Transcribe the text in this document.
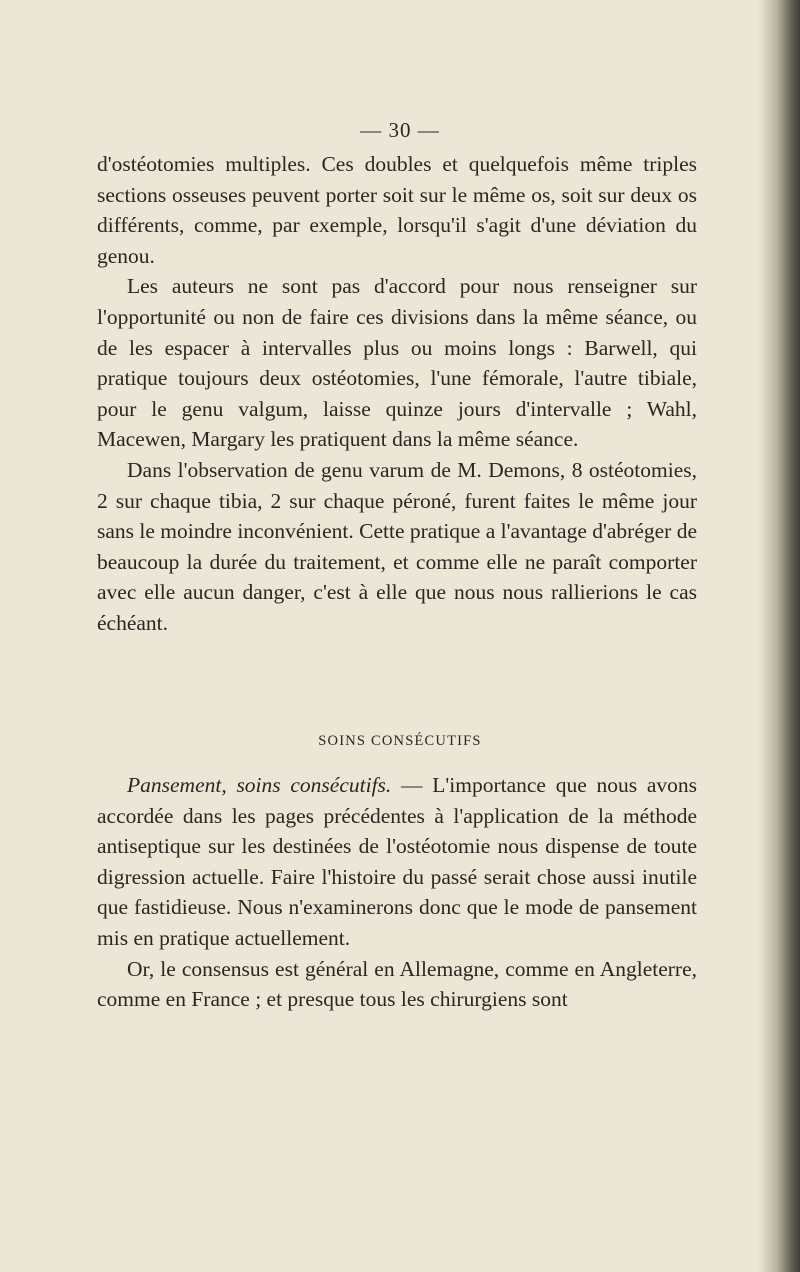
— 30 —

d'ostéotomies multiples. Ces doubles et quelquefois même triples sections osseuses peuvent porter soit sur le même os, soit sur deux os différents, comme, par exemple, lorsqu'il s'agit d'une déviation du genou.

Les auteurs ne sont pas d'accord pour nous renseigner sur l'opportunité ou non de faire ces divisions dans la même séance, ou de les espacer à intervalles plus ou moins longs : Barwell, qui pratique toujours deux ostéotomies, l'une fémorale, l'autre tibiale, pour le genu valgum, laisse quinze jours d'intervalle ; Wahl, Macewen, Margary les pratiquent dans la même séance.

Dans l'observation de genu varum de M. Demons, 8 ostéotomies, 2 sur chaque tibia, 2 sur chaque péroné, furent faites le même jour sans le moindre inconvénient. Cette pratique a l'avantage d'abréger de beaucoup la durée du traitement, et comme elle ne paraît comporter avec elle aucun danger, c'est à elle que nous nous rallierions le cas échéant.

SOINS CONSÉCUTIFS

Pansement, soins consécutifs. — L'importance que nous avons accordée dans les pages précédentes à l'application de la méthode antiseptique sur les destinées de l'ostéotomie nous dispense de toute digression actuelle. Faire l'histoire du passé serait chose aussi inutile que fastidieuse. Nous n'examinerons donc que le mode de pansement mis en pratique actuellement.

Or, le consensus est général en Allemagne, comme en Angleterre, comme en France ; et presque tous les chirurgiens sont
